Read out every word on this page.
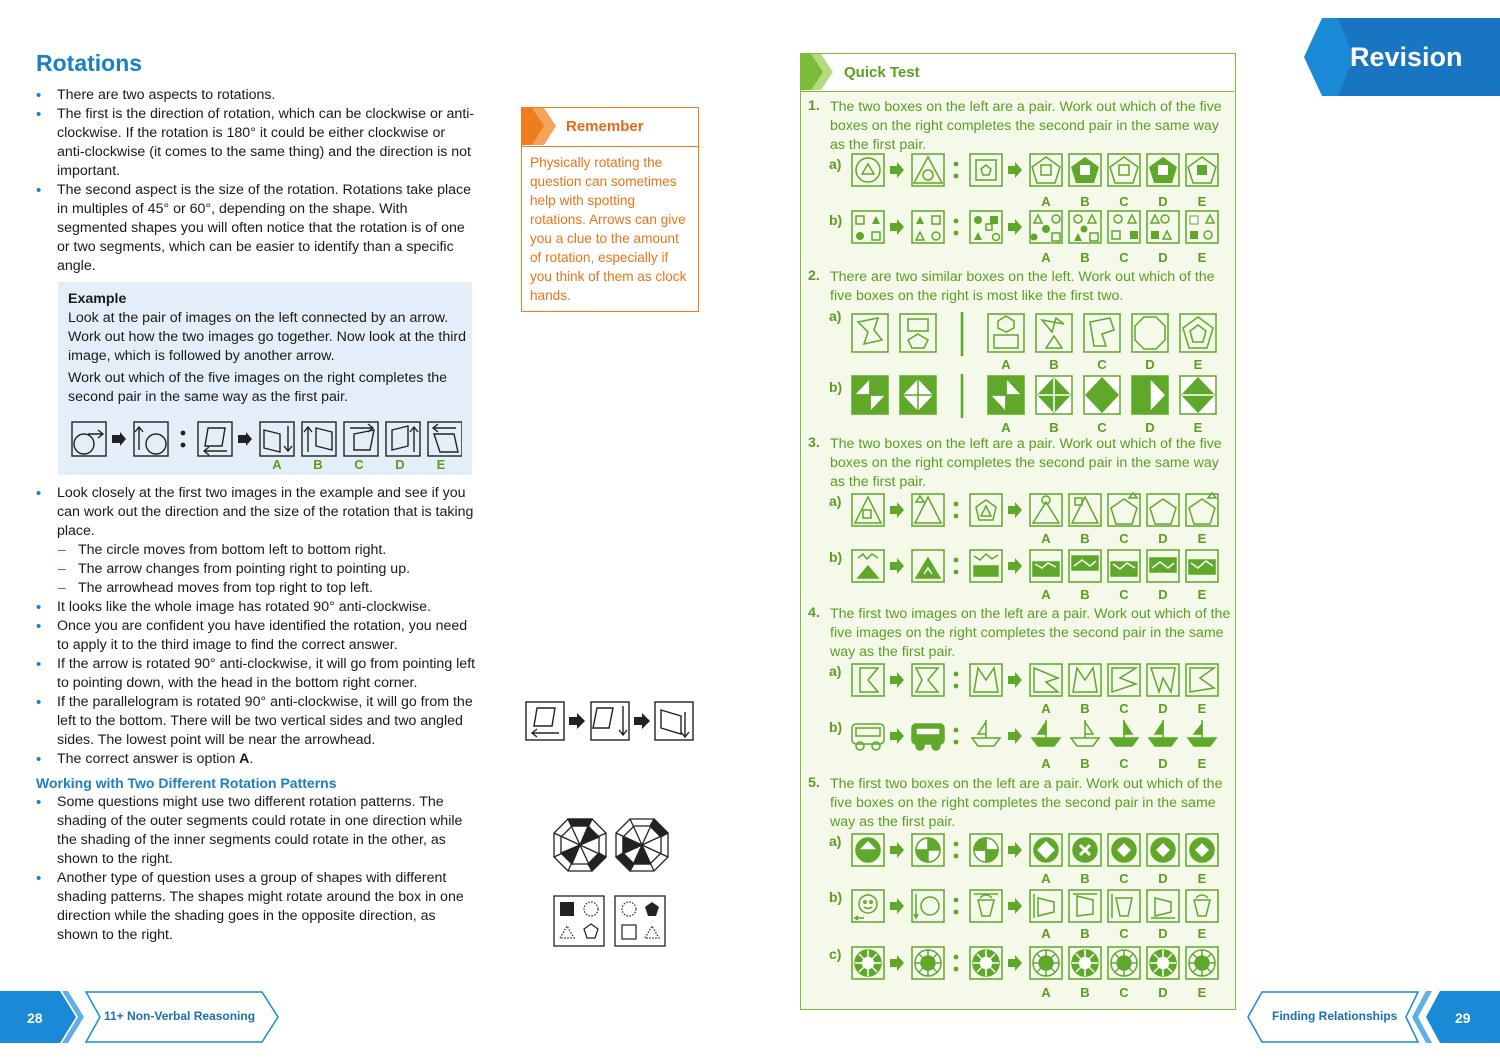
Rotations
• There are two aspects to rotations.
• The first is the direction of rotation, which can be clockwise or anti-clockwise. If the rotation is 180° it could be either clockwise or anti-clockwise (it comes to the same thing) and the direction is not important.
• The second aspect is the size of the rotation. Rotations take place in multiples of 45° or 60°, depending on the shape. With segmented shapes you will often notice that the rotation is of one or two segments, which can be easier to identify than a specific angle.
Example
Look at the pair of images on the left connected by an arrow. Work out how the two images go together. Now look at the third image, which is followed by another arrow.
Work out which of the five images on the right completes the second pair in the same way as the first pair.
A	B	C	D	E
• Look closely at the first two images in the example and see if you can work out the direction and the size of the rotation that is taking place.
– The circle moves from bottom left to bottom right.
– The arrow changes from pointing right to pointing up.
– The arrowhead moves from top right to top left.
• It looks like the whole image has rotated 90° anti-clockwise.
• Once you are confident you have identified the rotation, you need to apply it to the third image to find the correct answer.
• If the arrow is rotated 90° anti-clockwise, it will go from pointing left to pointing down, with the head in the bottom right corner.
• If the parallelogram is rotated 90° anti-clockwise, it will go from the left to the bottom. There will be two vertical sides and two angled sides. The lowest point will be near the arrowhead.
• The correct answer is option A.
Working with Two Different Rotation Patterns
• Some questions might use two different rotation patterns. The shading of the outer segments could rotate in one direction while the shading of the inner segments could rotate in the other, as shown to the right.
• Another type of question uses a group of shapes with different shading patterns. The shapes might rotate around the box in one direction while the shading goes in the opposite direction, as shown to the right.
Remember
Physically rotating the question can sometimes help with spotting rotations. Arrows can give you a clue to the amount of rotation, especially if you think of them as clock hands.
Quick Test
1. The two boxes on the left are a pair. Work out which of the five boxes on the right completes the second pair in the same way as the first pair.
2. There are two similar boxes on the left. Work out which of the five boxes on the right is most like the first two.
3. The two boxes on the left are a pair. Work out which of the five boxes on the right completes the second pair in the same way as the first pair.
4. The first two images on the left are a pair. Work out which of the five images on the right completes the second pair in the same way as the first pair.
5. The first two boxes on the left are a pair. Work out which of the five boxes on the right completes the second pair in the same way as the first pair.
a)
b)
a)
b)
a)
b)
a)
b)
a)
b)
c)
A	B	C	D	E
A	B	C	D	E
A	B	C	D	E
A	B	C	D	E
A	B	C	D	E
A	B	C	D	E
A	B	C	D	E
A	B	C	D	E
A	B	C	D	E
A	B	C	D	E
A	B	C	D	E
Revision
28	11+ Non-Verbal Reasoning	Finding Relationships	29
